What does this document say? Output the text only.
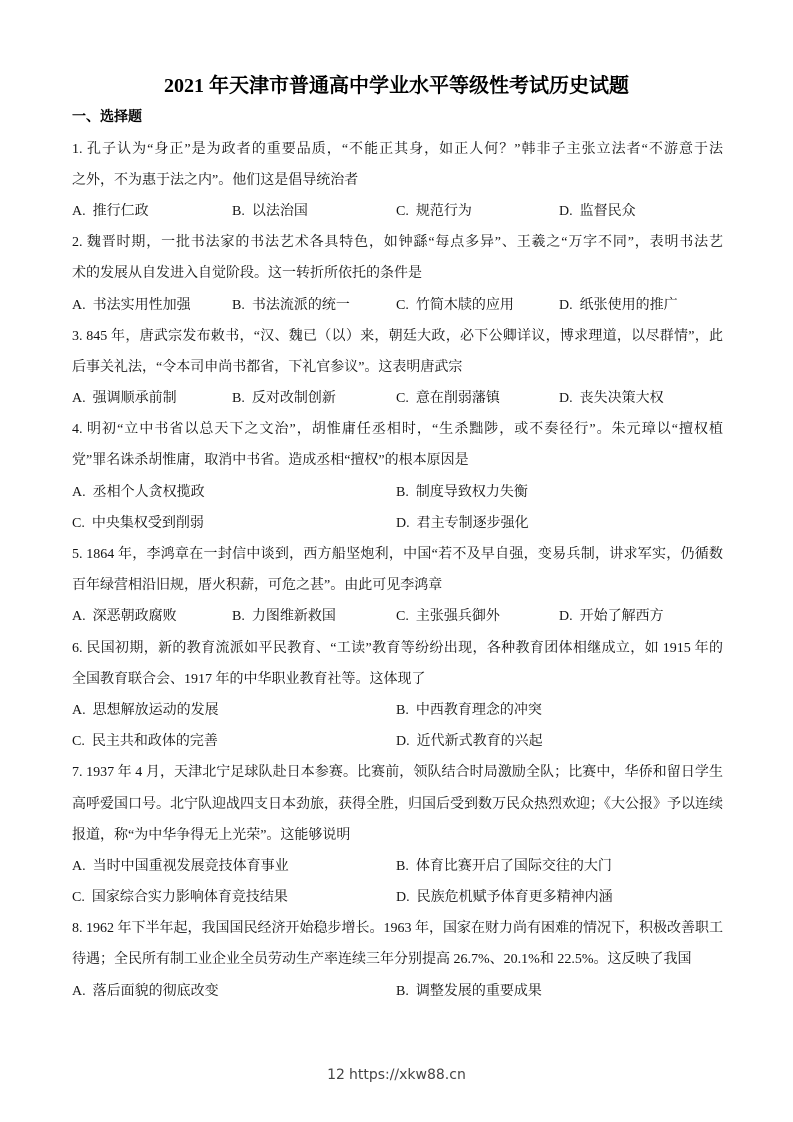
2021 年天津市普通高中学业水平等级性考试历史试题
一、选择题
1. 孔子认为“身正”是为政者的重要品质，“不能正其身，如正人何？”韩非子主张立法者“不游意于法
之外，不为惠于法之内”。他们这是倡导统治者
A. 推行仁政	B. 以法治国	C. 规范行为	D. 监督民众
2. 魏晋时期，一批书法家的书法艺术各具特色，如钟繇“每点多异”、王羲之“万字不同”，表明书法艺
术的发展从自发进入自觉阶段。这一转折所依托的条件是
A. 书法实用性加强	B. 书法流派的统一	C. 竹简木牍的应用	D. 纸张使用的推广
3. 845 年，唐武宗发布敕书，“汉、魏已（以）来，朝廷大政，必下公卿详议，博求理道，以尽群情”，此
后事关礼法，“令本司申尚书都省，下礼官参议”。这表明唐武宗
A. 强调顺承前制	B. 反对改制创新	C. 意在削弱藩镇	D. 丧失决策大权
4. 明初“立中书省以总天下之文治”，胡惟庸任丞相时，“生杀黜陟，或不奏径行”。朱元璋以“擅权植
党”罪名诛杀胡惟庸，取消中书省。造成丞相“擅权”的根本原因是
A. 丞相个人贪权揽政	B. 制度导致权力失衡
C. 中央集权受到削弱	D. 君主专制逐步强化
5. 1864 年，李鸿章在一封信中谈到，西方船坚炮利，中国“若不及早自强，变易兵制，讲求军实，仍循数
百年绿营相沿旧规，厝火积薪，可危之甚”。由此可见李鸿章
A. 深恶朝政腐败	B. 力图维新救国	C. 主张强兵御外	D. 开始了解西方
6. 民国初期，新的教育流派如平民教育、“工读”教育等纷纷出现，各种教育团体相继成立，如 1915 年的
全国教育联合会、1917 年的中华职业教育社等。这体现了
A. 思想解放运动的发展	B. 中西教育理念的冲突
C. 民主共和政体的完善	D. 近代新式教育的兴起
7. 1937 年 4 月，天津北宁足球队赴日本参赛。比赛前，领队结合时局激励全队；比赛中，华侨和留日学生
高呼爱国口号。北宁队迎战四支日本劲旅，获得全胜，归国后受到数万民众热烈欢迎；《大公报》予以连续
报道，称“为中华争得无上光荣”。这能够说明
A. 当时中国重视发展竞技体育事业	B. 体育比赛开启了国际交往的大门
C. 国家综合实力影响体育竞技结果	D. 民族危机赋予体育更多精神内涵
8. 1962 年下半年起，我国国民经济开始稳步增长。1963 年，国家在财力尚有困难的情况下，积极改善职工
待遇；全民所有制工业企业全员劳动生产率连续三年分别提高 26.7%、20.1%和 22.5%。这反映了我国
A. 落后面貌的彻底改变	B. 调整发展的重要成果
12 https://xkw88.cn
